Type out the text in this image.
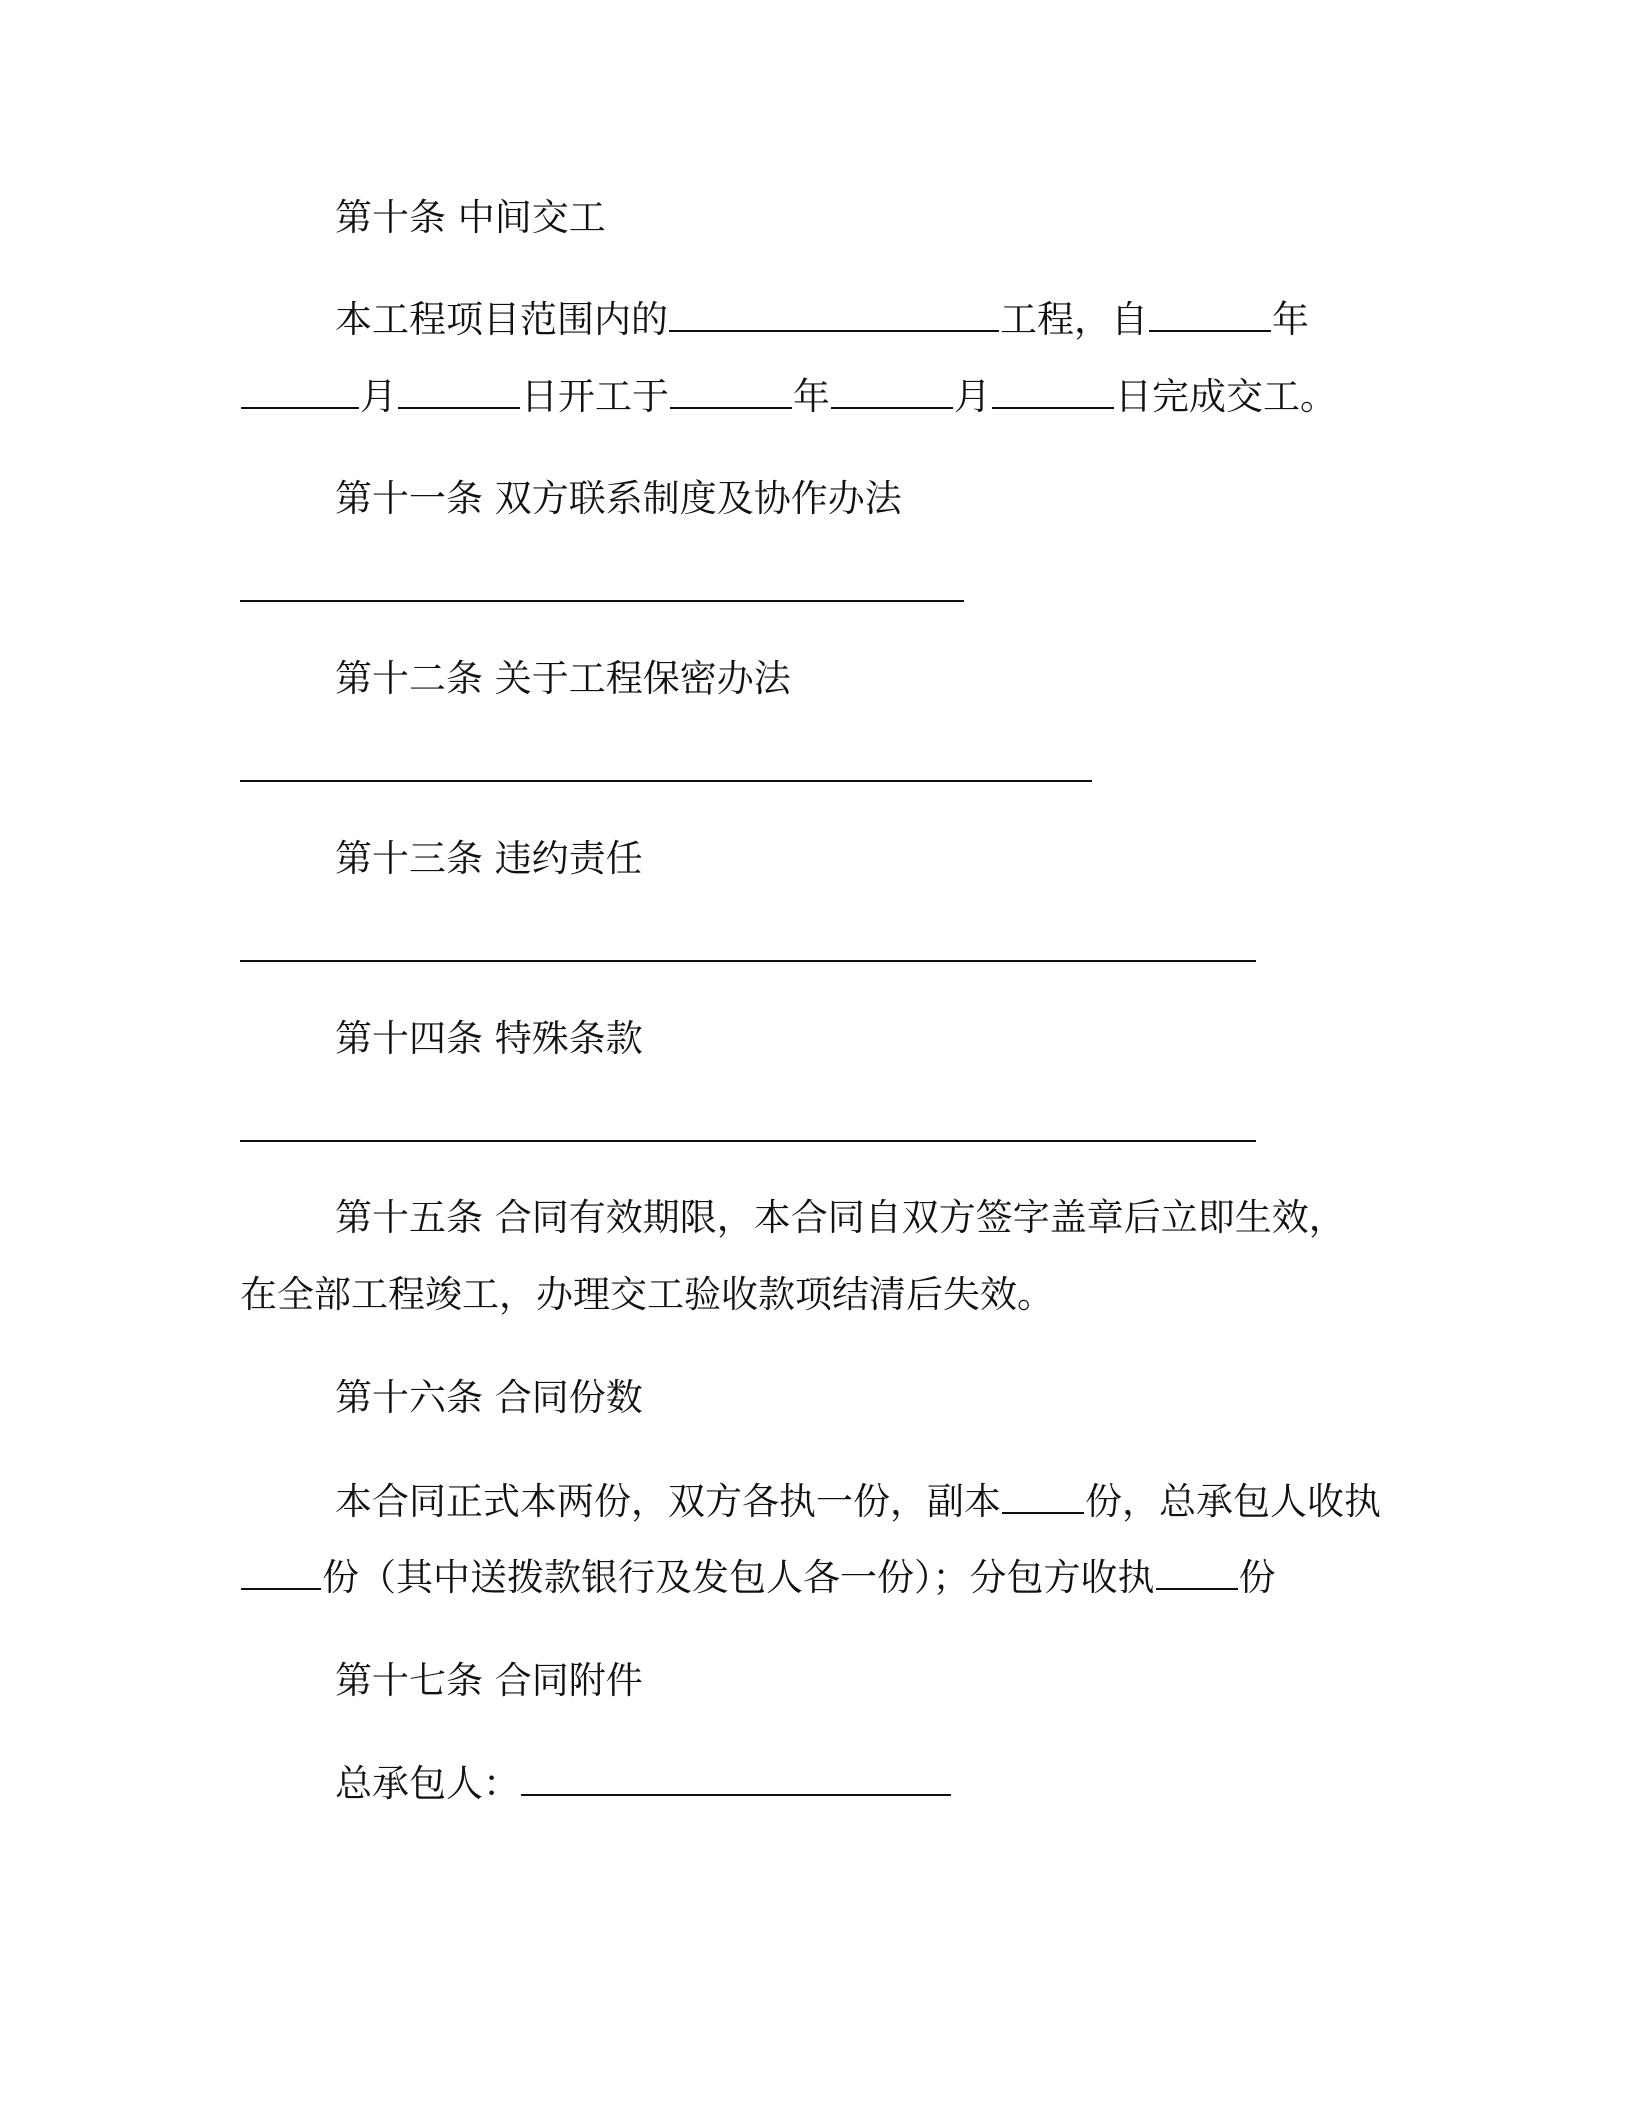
第十条 中间交工
本工程项目范围内的	工程，自	年
月	日开工于	年	月	日完成交工。
第十一条 双方联系制度及协作办法
第十二条 关于工程保密办法
第十三条 违约责任
第十四条 特殊条款
第十五条 合同有效期限，本合同自双方签字盖章后立即生效，
在全部工程竣工，办理交工验收款项结清后失效。
第十六条 合同份数
本合同正式本两份，双方各执一份，副本 份，总承包人收执
份（其中送拨款银行及发包人各一份）；分包方收执 份
第十七条 合同附件
总承包人：
